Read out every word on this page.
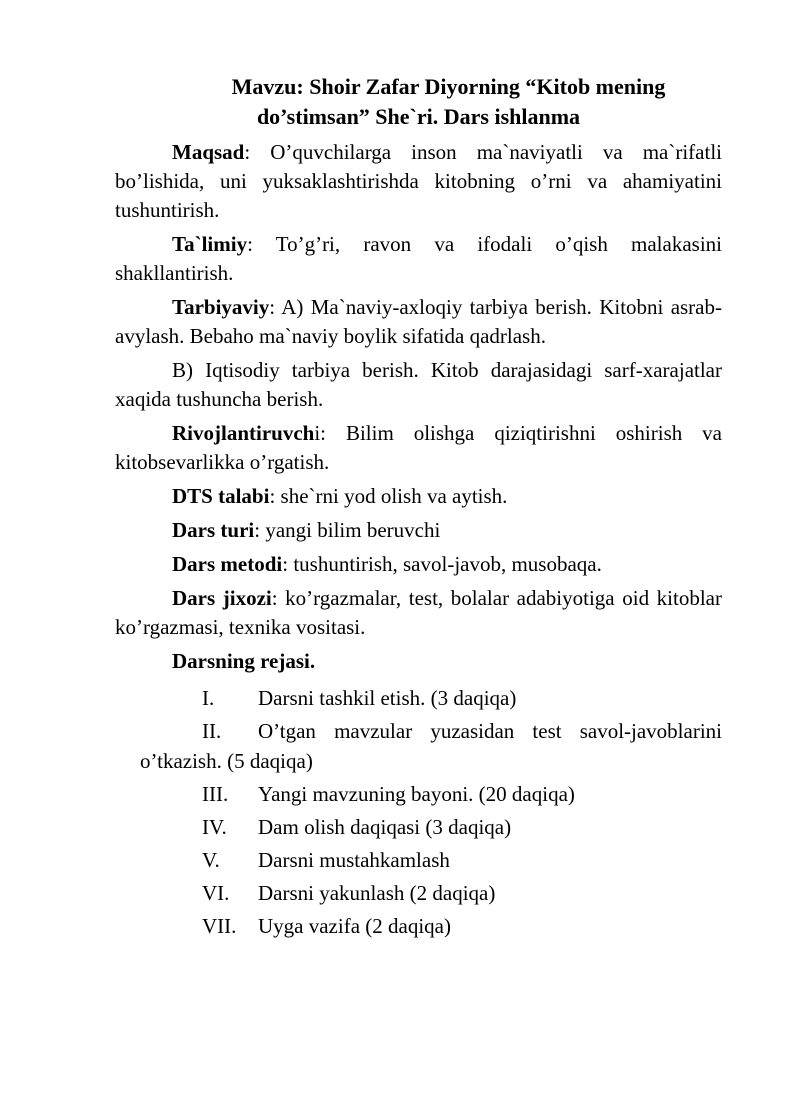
Mavzu: Shoir Zafar Diyorning “Kitob mening
do’stimsan” She`ri. Dars ishlanma

Maqsad: O’quvchilarga inson ma`naviyatli va ma`rifatli bo’lishida, uni yuksaklashtirishda kitobning o’rni va ahamiyatini tushuntirish.

Ta`limiy: To’g’ri, ravon va ifodali o’qish malakasini shakllantirish.

Tarbiyaviy: A) Ma`naviy-axloqiy tarbiya berish. Kitobni asrab-avylash. Bebaho ma`naviy boylik sifatida qadrlash.

B) Iqtisodiy tarbiya berish. Kitob darajasidagi sarf-xarajatlar xaqida tushuncha berish.

Rivojlantiruvchi: Bilim olishga qiziqtirishni oshirish va kitobsevarlikka o’rgatish.

DTS talabi: she`rni yod olish va aytish.

Dars turi: yangi bilim beruvchi

Dars metodi: tushuntirish, savol-javob, musobaqa.

Dars jixozi: ko’rgazmalar, test, bolalar adabiyotiga oid kitoblar ko’rgazmasi, texnika vositasi.

Darsning rejasi.

I. Darsni tashkil etish. (3 daqiqa)
II. O’tgan mavzular yuzasidan test savol-javoblarini o’tkazish. (5 daqiqa)
III. Yangi mavzuning bayoni. (20 daqiqa)
IV. Dam olish daqiqasi (3 daqiqa)
V. Darsni mustahkamlash
VI. Darsni yakunlash (2 daqiqa)
VII. Uyga vazifa (2 daqiqa)
